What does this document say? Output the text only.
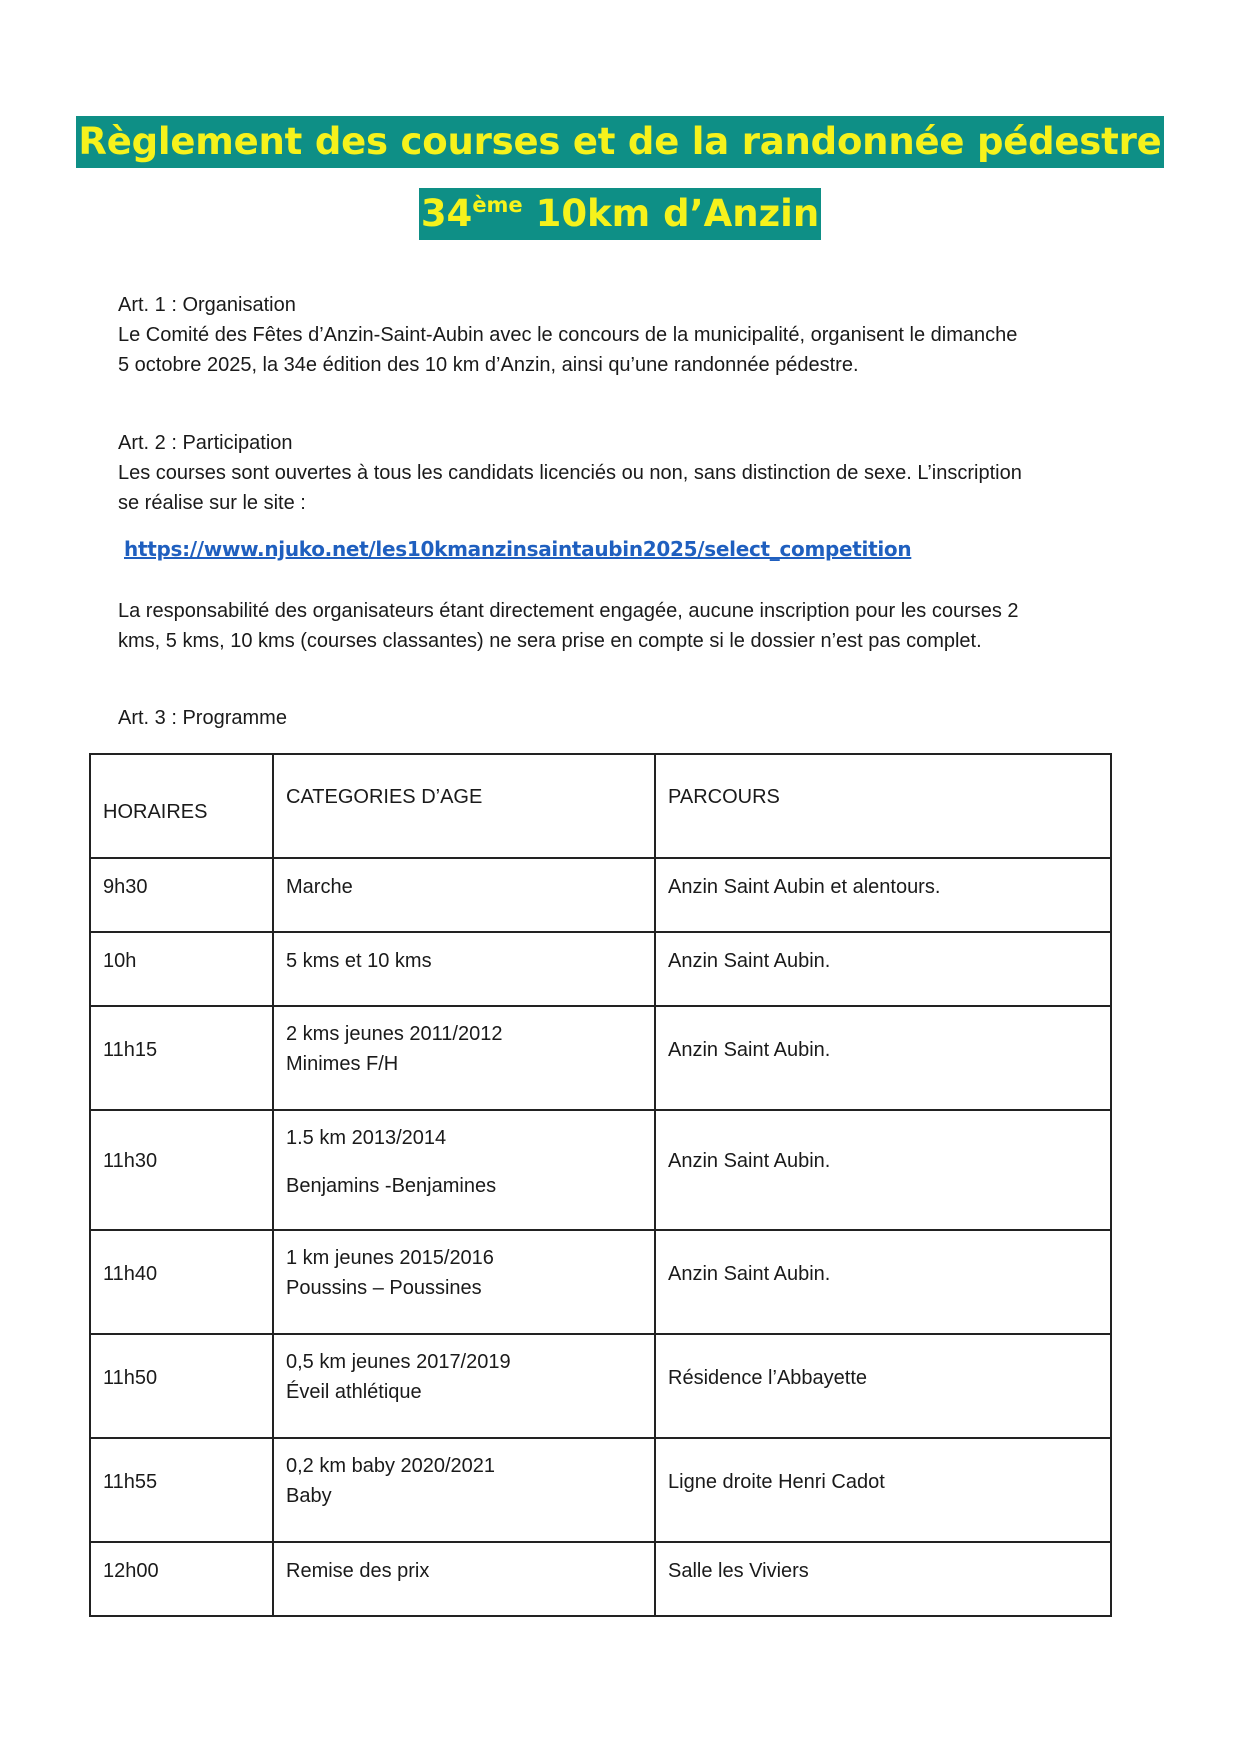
Règlement des courses et de la randonnée pédestre
34ème 10km d’Anzin

Art. 1 : Organisation

Le Comité des Fêtes d’Anzin-Saint-Aubin avec le concours de la municipalité, organisent le dimanche

5 octobre 2025, la 34e édition des 10 km d’Anzin, ainsi qu’une randonnée pédestre.

Art. 2 : Participation

Les courses sont ouvertes à tous les candidats licenciés ou non, sans distinction de sexe. L’inscription

se réalise sur le site :

https://www.njuko.net/les10kmanzinsaintaubin2025/select_competition

La responsabilité des organisateurs étant directement engagée, aucune inscription pour les courses 2

kms, 5 kms, 10 kms (courses classantes) ne sera prise en compte si le dossier n’est pas complet.

Art. 3 : Programme

HORAIRES	CATEGORIES D’AGE	PARCOURS

9h30	Marche	Anzin Saint Aubin et alentours.

10h	5 kms et 10 kms	Anzin Saint Aubin.

11h15	2 kms jeunes 2011/2012
Minimes F/H	Anzin Saint Aubin.

11h30	1.5 km 2013/2014
Benjamins -Benjamines	Anzin Saint Aubin.

11h40	1 km jeunes 2015/2016
Poussins – Poussines	Anzin Saint Aubin.

11h50	0,5 km jeunes 2017/2019
Éveil athlétique	Résidence l’Abbayette

11h55	0,2 km baby 2020/2021
Baby	Ligne droite Henri Cadot

12h00	Remise des prix	Salle les Viviers
